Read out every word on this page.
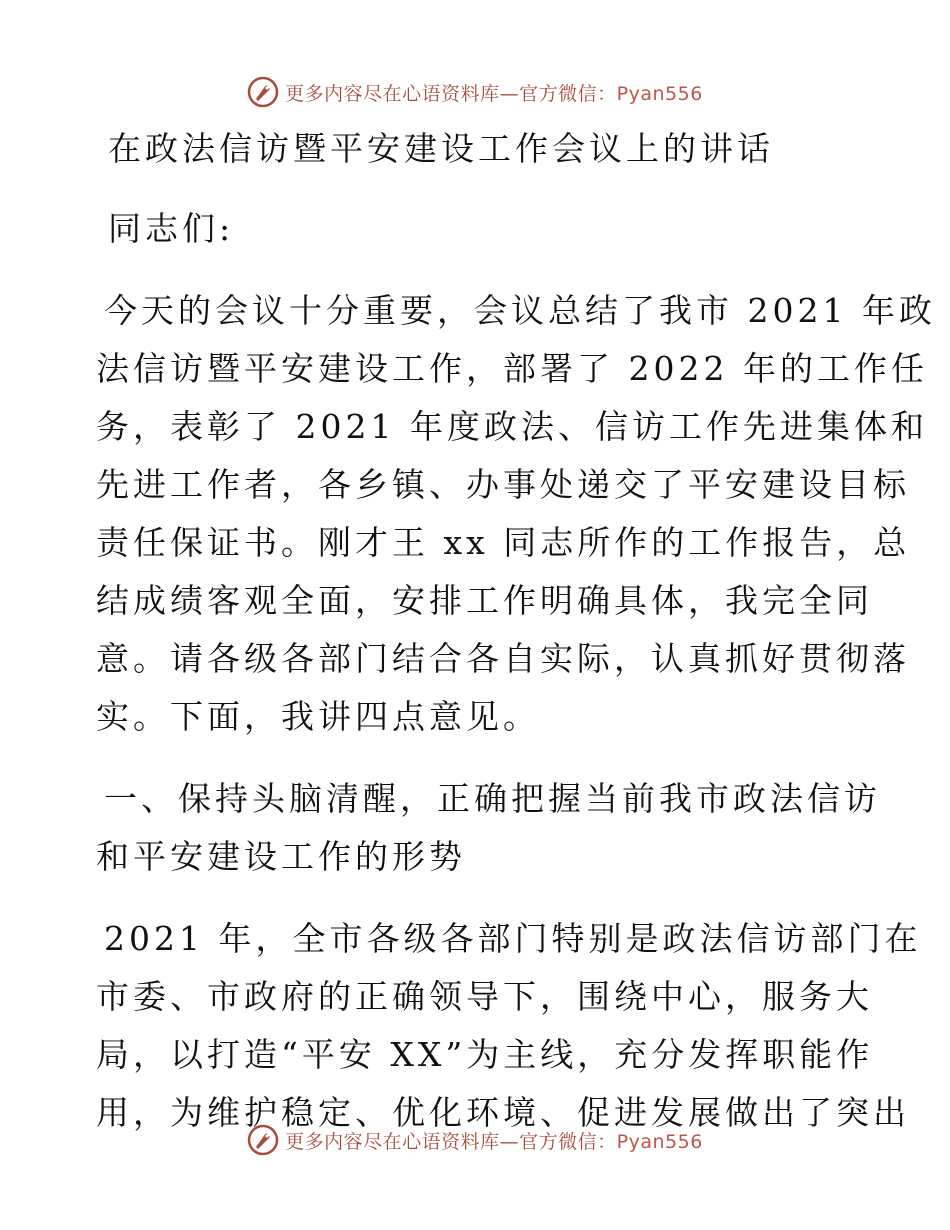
更多内容尽在心语资料库—官方微信：Pyan556
在政法信访暨平安建设工作会议上的讲话
同志们:
今天的会议十分重要，会议总结了我市 2021 年政
法信访暨平安建设工作，部署了 2022 年的工作任
务，表彰了 2021 年度政法、信访工作先进集体和
先进工作者，各乡镇、办事处递交了平安建设目标
责任保证书。刚才王 xx 同志所作的工作报告，总
结成绩客观全面，安排工作明确具体，我完全同
意。请各级各部门结合各自实际，认真抓好贯彻落
实。下面，我讲四点意见。
一、保持头脑清醒，正确把握当前我市政法信访
和平安建设工作的形势
2021 年，全市各级各部门特别是政法信访部门在
市委、市政府的正确领导下，围绕中心，服务大
局，以打造“平安 XX”为主线，充分发挥职能作
用，为维护稳定、优化环境、促进发展做出了突出
更多内容尽在心语资料库—官方微信：Pyan556
